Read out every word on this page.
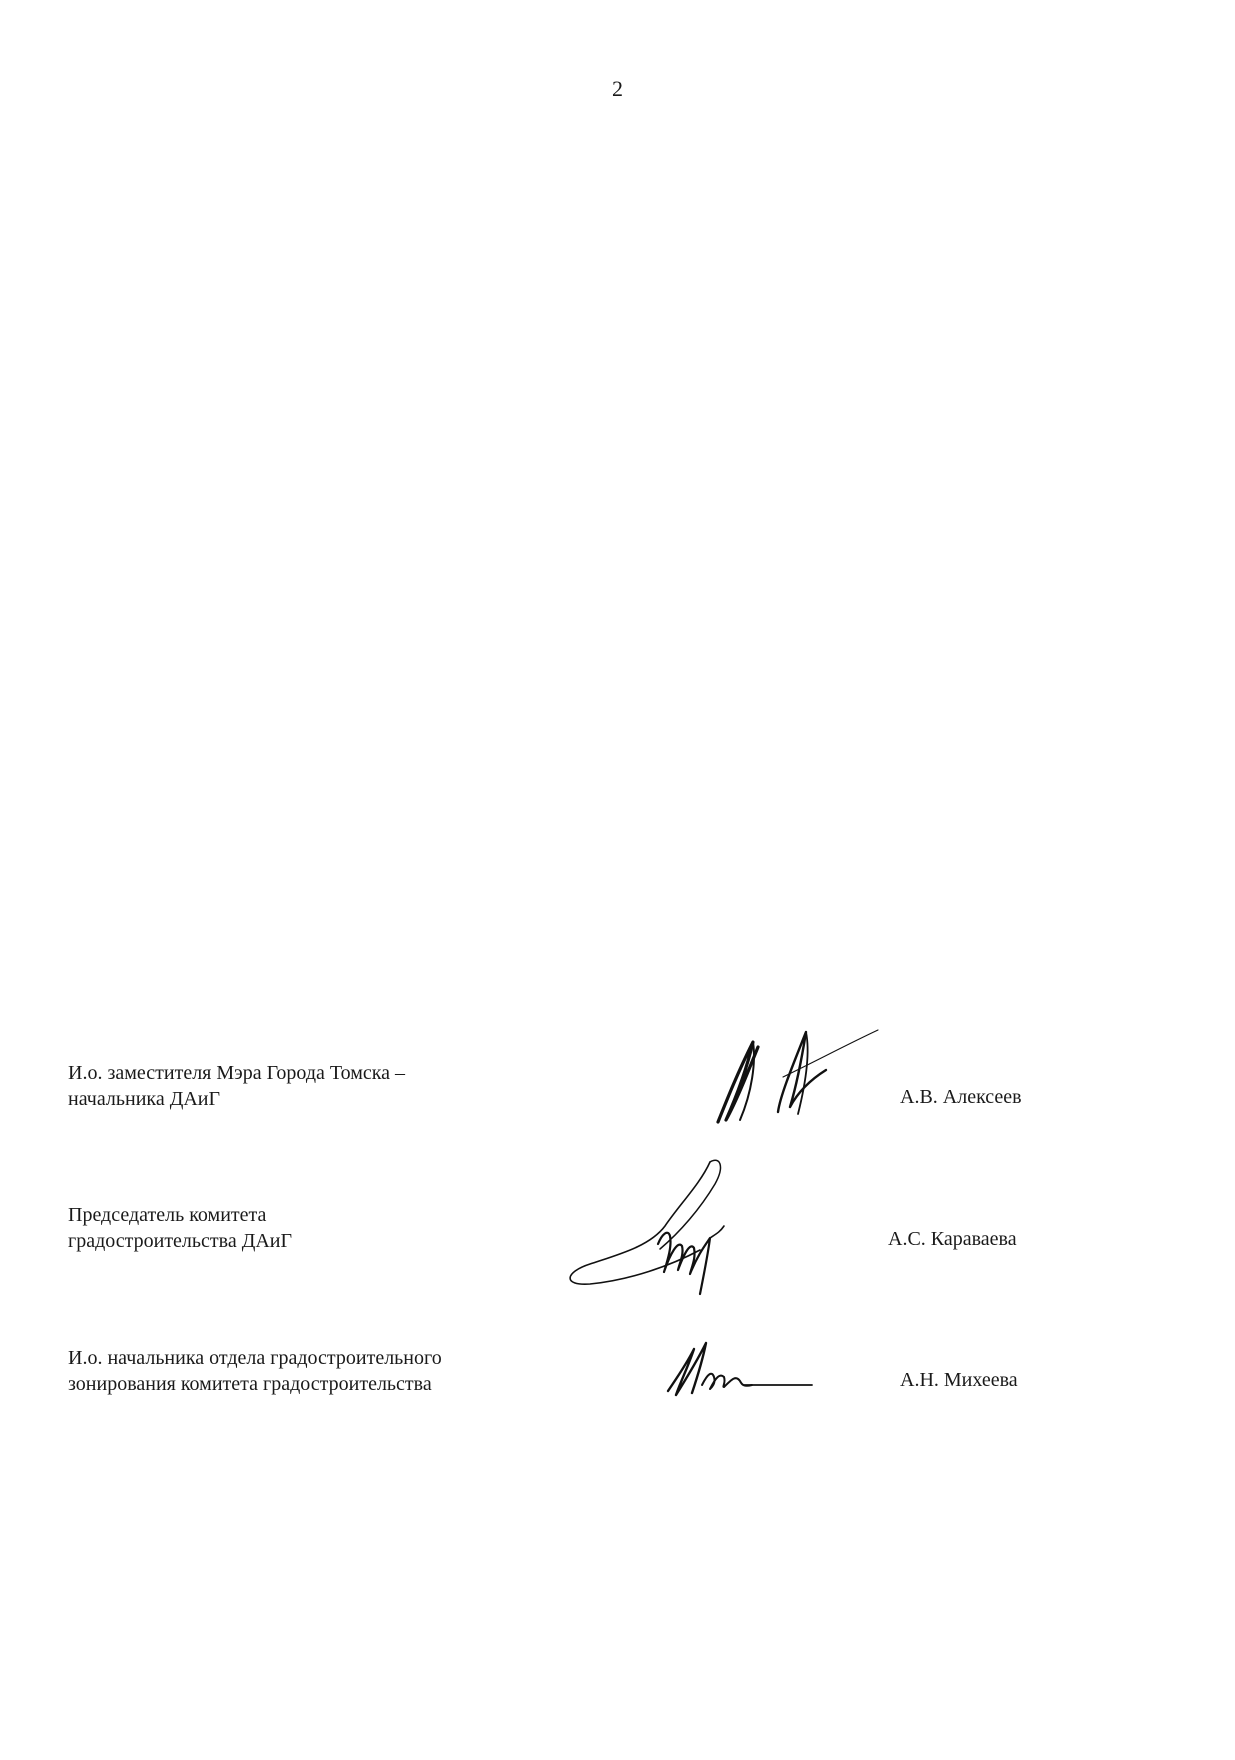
2
И.о. заместителя Мэра Города Томска –
начальника ДАиГ	А.В. Алексеев
Председатель комитета
градостроительства ДАиГ	А.С. Караваева
И.о. начальника отдела градостроительного
зонирования комитета градостроительства	А.Н. Михеева
